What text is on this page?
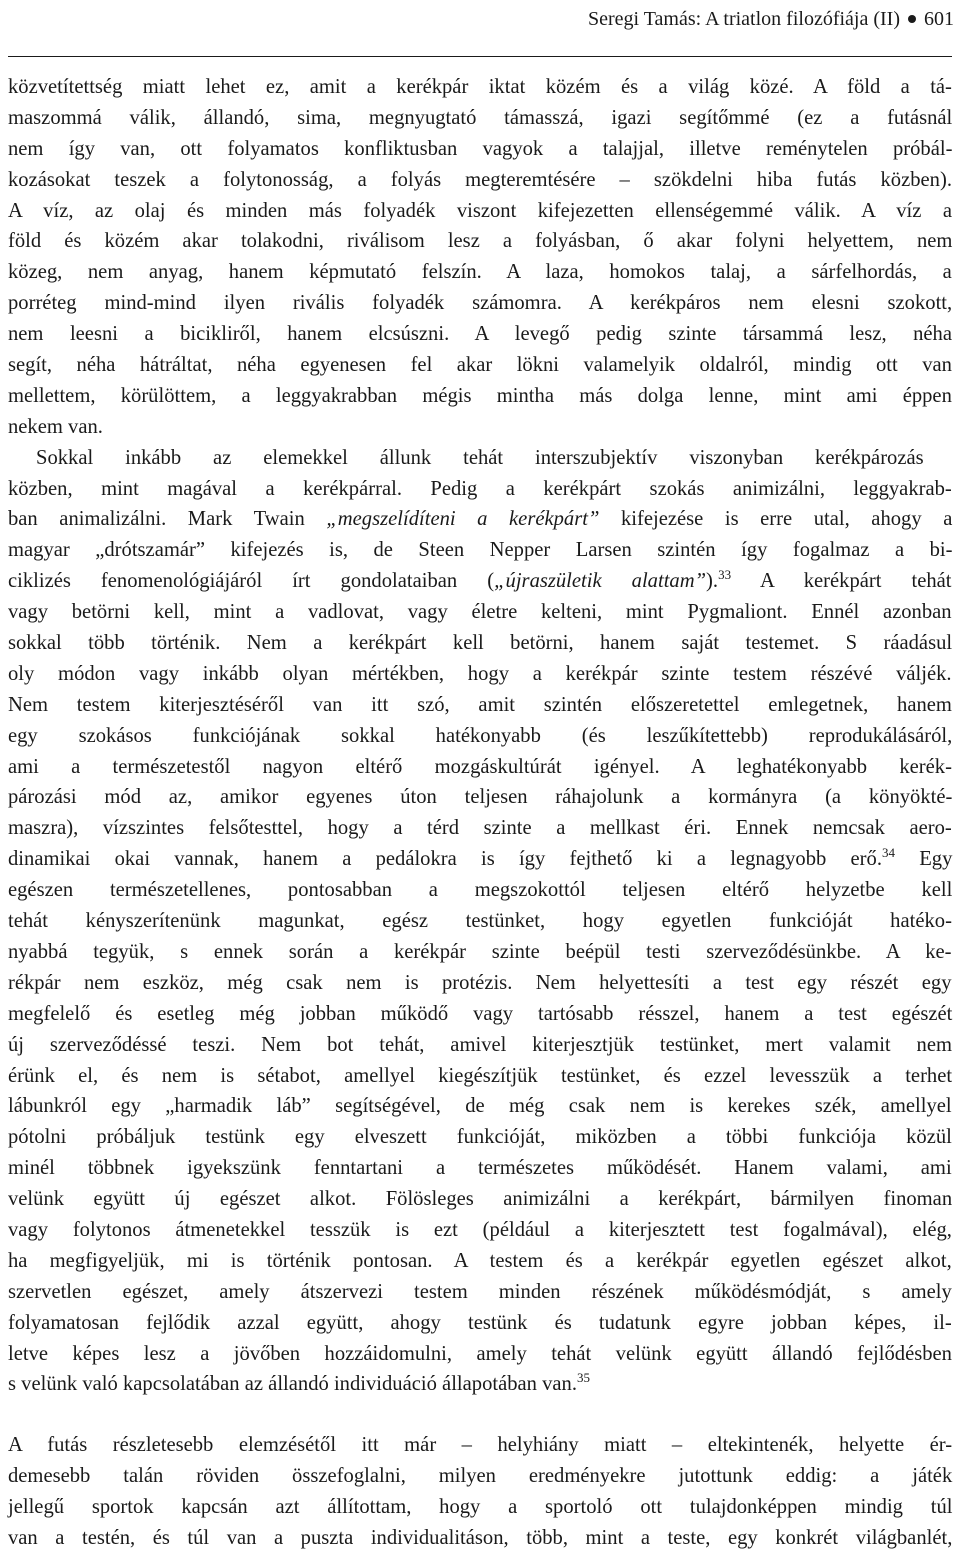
Seregi Tamás: A triatlon filozófiája (II) 601
közvetítettség miatt lehet ez, amit a kerékpár iktat közém és a világ közé. A föld a tá-
maszommá válik, állandó, sima, megnyugtató támasszá, igazi segítőmmé (ez a futásnál
nem így van, ott folyamatos konfliktusban vagyok a talajjal, illetve reménytelen próbál-
kozásokat teszek a folytonosság, a folyás megteremtésére – szökdelni hiba futás közben).
A víz, az olaj és minden más folyadék viszont kifejezetten ellenségemmé válik. A víz a
föld és közém akar tolakodni, riválisom lesz a folyásban, ő akar folyni helyettem, nem
közeg, nem anyag, hanem képmutató felszín. A laza, homokos talaj, a sárfelhordás, a
porréteg mind-mind ilyen rivális folyadék számomra. A kerékpáros nem elesni szokott,
nem leesni a bicikliről, hanem elcsúszni. A levegő pedig szinte társammá lesz, néha
segít, néha hátráltat, néha egyenesen fel akar lökni valamelyik oldalról, mindig ott van
mellettem, körülöttem, a leggyakrabban mégis mintha más dolga lenne, mint ami éppen
nekem van.
Sokkal inkább az elemekkel állunk tehát interszubjektív viszonyban kerékpározás
közben, mint magával a kerékpárral. Pedig a kerékpárt szokás animizálni, leggyakrab-
ban animalizálni. Mark Twain „megszelídíteni a kerékpárt” kifejezése is erre utal, ahogy a
magyar „drótszamár” kifejezés is, de Steen Nepper Larsen szintén így fogalmaz a bi-
ciklizés fenomenológiájáról írt gondolataiban („újraszületik alattam”).$^{33}$ A kerékpárt tehát
vagy betörni kell, mint a vadlovat, vagy életre kelteni, mint Pygmaliont. Ennél azonban
sokkal több történik. Nem a kerékpárt kell betörni, hanem saját testemet. S ráadásul
oly módon vagy inkább olyan mértékben, hogy a kerékpár szinte testem részévé váljék.
Nem testem kiterjesztéséről van itt szó, amit szintén előszeretettel emlegetnek, hanem
egy szokásos funkciójának sokkal hatékonyabb (és leszűkítettebb) reprodukálásáról,
ami a természetestől nagyon eltérő mozgáskultúrát igényel. A leghatékonyabb kerék-
pározási mód az, amikor egyenes úton teljesen ráhajolunk a kormányra (a könyökté-
maszra), vízszintes felsőtesttel, hogy a térd szinte a mellkast éri. Ennek nemcsak aero-
dinamikai okai vannak, hanem a pedálokra is így fejthető ki a legnagyobb erő.$^{34}$ Egy
egészen természetellenes, pontosabban a megszokottól teljesen eltérő helyzetbe kell
tehát kényszerítenünk magunkat, egész testünket, hogy egyetlen funkcióját hatéko-
nyabbá tegyük, s ennek során a kerékpár szinte beépül testi szerveződésünkbe. A ke-
rékpár nem eszköz, még csak nem is protézis. Nem helyettesíti a test egy részét egy
megfelelő és esetleg még jobban működő vagy tartósabb résszel, hanem a test egészét
új szerveződéssé teszi. Nem bot tehát, amivel kiterjesztjük testünket, mert valamit nem
érünk el, és nem is sétabot, amellyel kiegészítjük testünket, és ezzel levesszük a terhet
lábunkról egy „harmadik láb” segítségével, de még csak nem is kerekes szék, amellyel
pótolni próbáljuk testünk egy elveszett funkcióját, miközben a többi funkciója közül
minél többnek igyekszünk fenntartani a természetes működését. Hanem valami, ami
velünk együtt új egészet alkot. Fölösleges animizálni a kerékpárt, bármilyen finoman
vagy folytonos átmenetekkel tesszük is ezt (például a kiterjesztett test fogalmával), elég,
ha megfigyeljük, mi is történik pontosan. A testem és a kerékpár egyetlen egészet alkot,
szervetlen egészet, amely átszervezi testem minden részének működésmódját, s amely
folyamatosan fejlődik azzal együtt, ahogy testünk és tudatunk egyre jobban képes, il-
letve képes lesz a jövőben hozzáidomulni, amely tehát velünk együtt állandó fejlődésben
s velünk való kapcsolatában az állandó individuáció állapotában van.$^{35}$
A futás részletesebb elemzésétől itt már – helyhiány miatt – eltekintenék, helyette ér-
demesebb talán röviden összefoglalni, milyen eredményekre jutottunk eddig: a játék
jellegű sportok kapcsán azt állítottam, hogy a sportoló ott tulajdonképpen mindig túl
van a testén, és túl van a puszta individualitáson, több, mint a teste, egy konkrét világbanlét,
